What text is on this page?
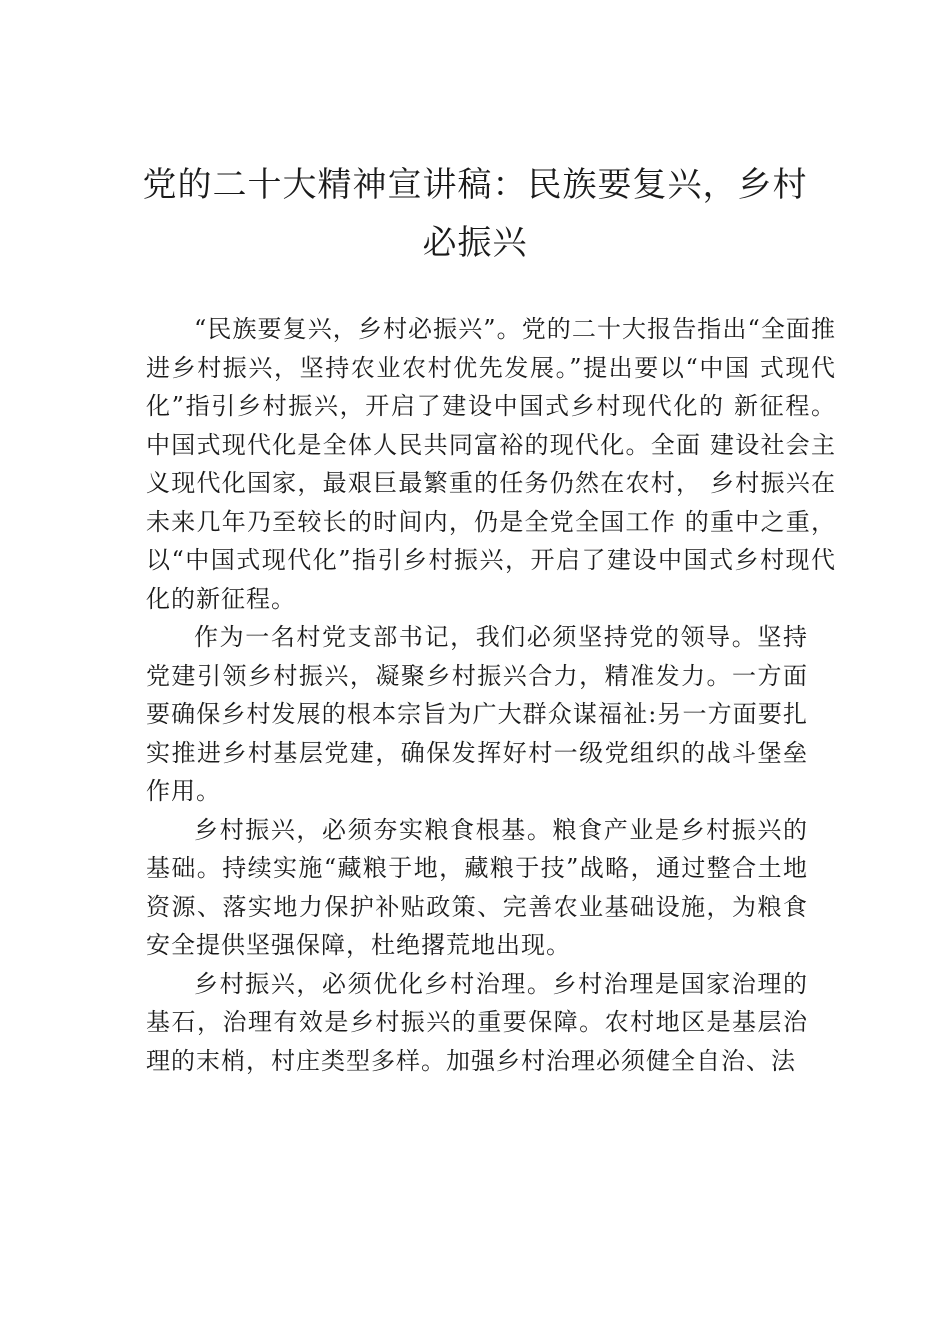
党的二十大精神宣讲稿：民族要复兴，乡村必振兴

“民族要复兴，乡村必振兴”。党的二十大报告指出“全面推进乡村振兴，坚持农业农村优先发展。”提出要以“中国 式现代化”指引乡村振兴，开启了建设中国式乡村现代化的 新征程。中国式现代化是全体人民共同富裕的现代化。全面 建设社会主义现代化国家，最艰巨最繁重的任务仍然在农村， 乡村振兴在未来几年乃至较长的时间内，仍是全党全国工作 的重中之重，以“中国式现代化”指引乡村振兴，开启了建设中国式乡村现代化的新征程。

作为一名村党支部书记，我们必须坚持党的领导。坚持党建引领乡村振兴，凝聚乡村振兴合力，精准发力。一方面要确保乡村发展的根本宗旨为广大群众谋福祉:另一方面要扎实推进乡村基层党建，确保发挥好村一级党组织的战斗堡垒作用。

乡村振兴，必须夯实粮食根基。粮食产业是乡村振兴的基础。持续实施“藏粮于地，藏粮于技”战略，通过整合土地资源、落实地力保护补贴政策、完善农业基础设施，为粮食安全提供坚强保障，杜绝撂荒地出现。

乡村振兴，必须优化乡村治理。乡村治理是国家治理的基石，治理有效是乡村振兴的重要保障。农村地区是基层治理的末梢，村庄类型多样。加强乡村治理必须健全自治、法
